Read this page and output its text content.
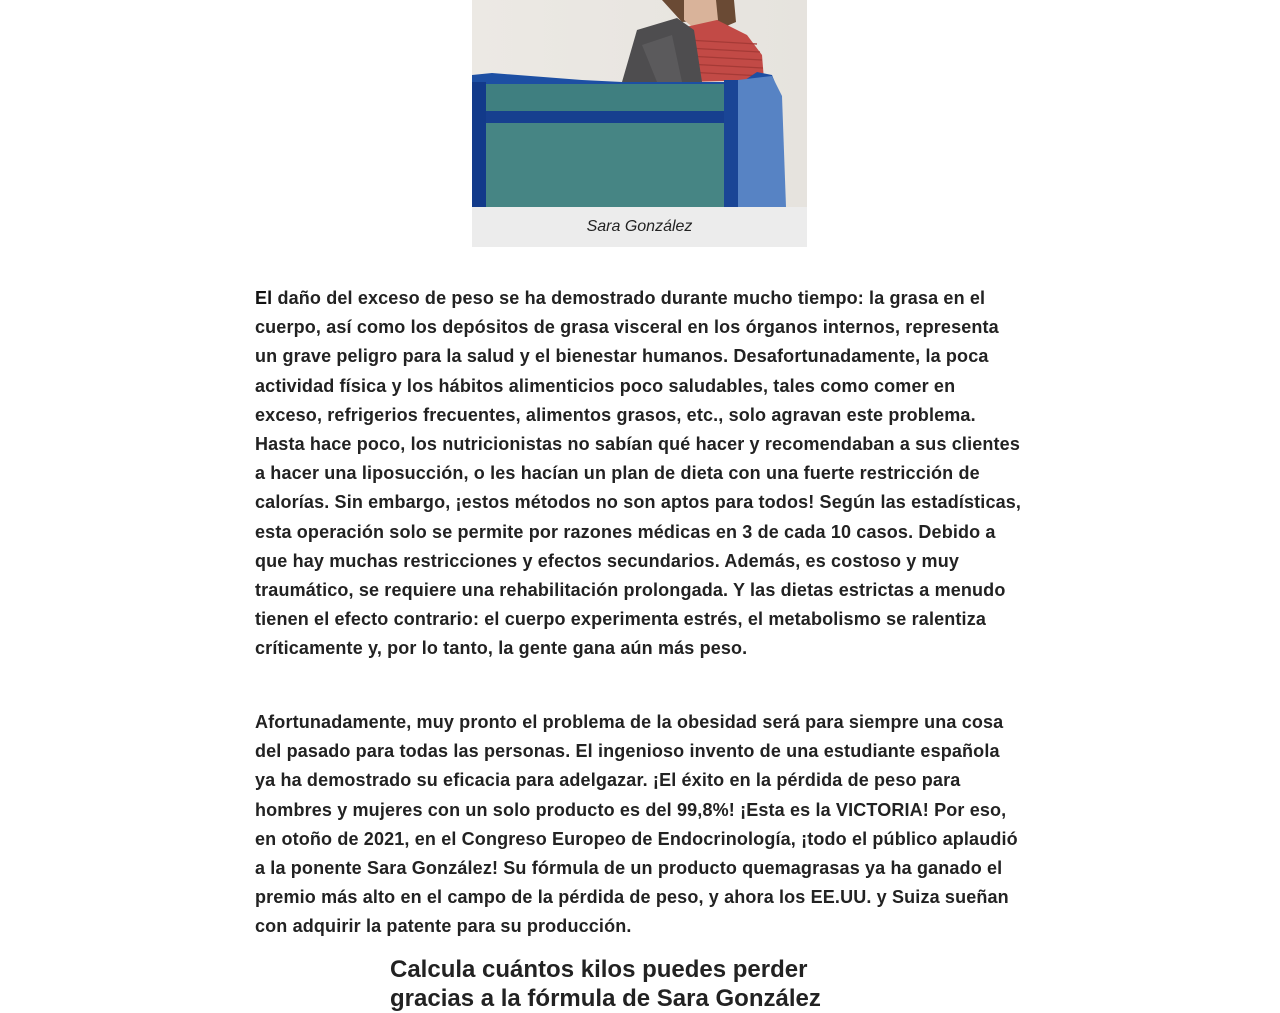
Sara González
El daño del exceso de peso se ha demostrado durante mucho tiempo: la grasa en el cuerpo, así como los depósitos de grasa visceral en los órganos internos, representa un grave peligro para la salud y el bienestar humanos. Desafortunadamente, la poca actividad física y los hábitos alimenticios poco saludables, tales como comer en exceso, refrigerios frecuentes, alimentos grasos, etc., solo agravan este problema. Hasta hace poco, los nutricionistas no sabían qué hacer y recomendaban a sus clientes a hacer una liposucción, o les hacían un plan de dieta con una fuerte restricción de calorías. Sin embargo, ¡estos métodos no son aptos para todos! Según las estadísticas, esta operación solo se permite por razones médicas en 3 de cada 10 casos. Debido a que hay muchas restricciones y efectos secundarios. Además, es costoso y muy traumático, se requiere una rehabilitación prolongada. Y las dietas estrictas a menudo tienen el efecto contrario: el cuerpo experimenta estrés, el metabolismo se ralentiza críticamente y, por lo tanto, la gente gana aún más peso.
Afortunadamente, muy pronto el problema de la obesidad será para siempre una cosa del pasado para todas las personas. El ingenioso invento de una estudiante española ya ha demostrado su eficacia para adelgazar. ¡El éxito en la pérdida de peso para hombres y mujeres con un solo producto es del 99,8%! ¡Esta es la VICTORIA! Por eso, en otoño de 2021, en el Congreso Europeo de Endocrinología, ¡todo el público aplaudió a la ponente Sara González! Su fórmula de un producto quemagrasas ya ha ganado el premio más alto en el campo de la pérdida de peso, y ahora los EE.UU. y Suiza sueñan con adquirir la patente para su producción.
Calcula cuántos kilos puedes perder gracias a la fórmula de Sara González
